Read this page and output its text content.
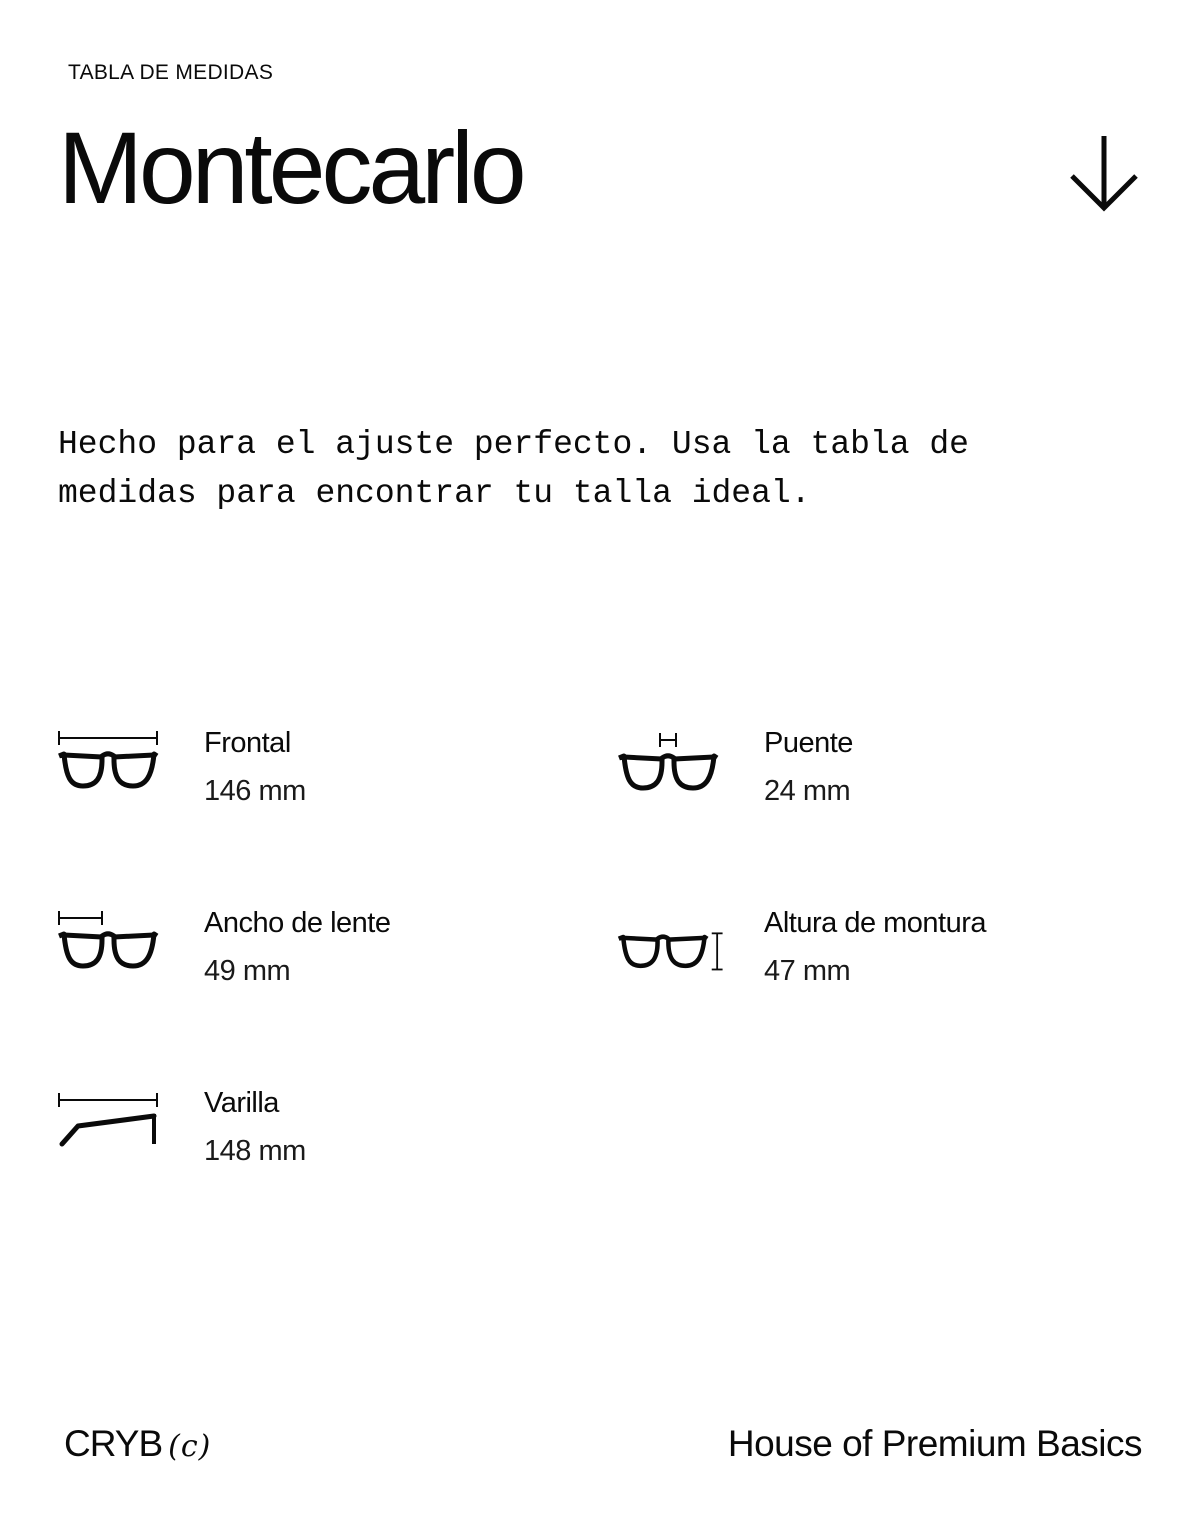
TABLA DE MEDIDAS
Montecarlo

Hecho para el ajuste perfecto. Usa la tabla de medidas para encontrar tu talla ideal.

Frontal
146 mm
Puente
24 mm
Ancho de lente
49 mm
Altura de montura
47 mm
Varilla
148 mm
CRYB (c)	House of Premium Basics
